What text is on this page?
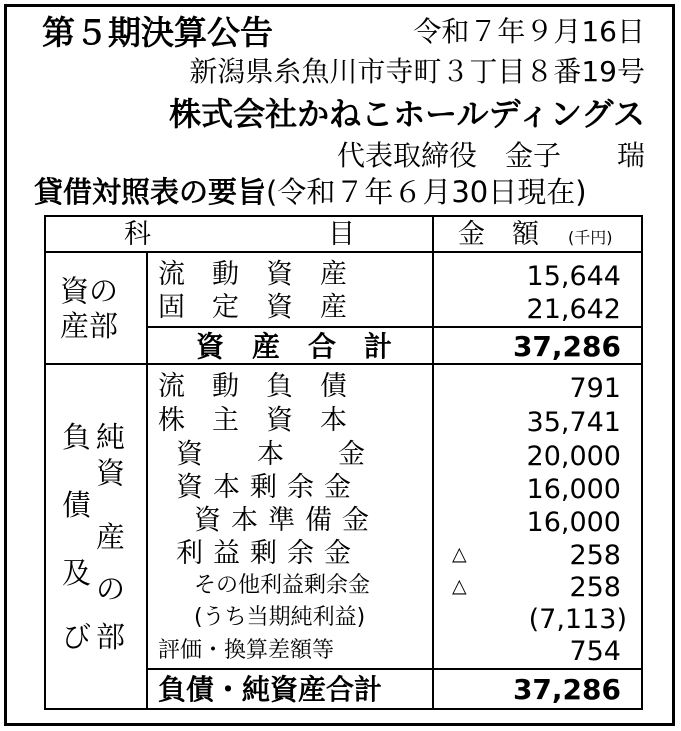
第５期決算公告	令和７年９月16日
新潟県糸魚川市寺町３丁目８番19号
株式会社かねこホールディングス
代表取締役　金子　　瑞
貸借対照表の要旨(令和７年６月30日現在)
科	目	金　額 (千円)
資の
産部
流　動　資　産	15,644
固　定　資　産	21,642
資　産　合　計	37,286
負
債
及
び
純
資
産
の
部
流　動　負　債	791
株　主　資　本	35,741
資　　本　　金	20,000
資本剰余金	16,000
資本準備金	16,000
利益剰余金	△	258
その他利益剰余金	△	258
(うち当期純利益)	(7,113)
評価・換算差額等	754
負債・純資産合計	37,286
